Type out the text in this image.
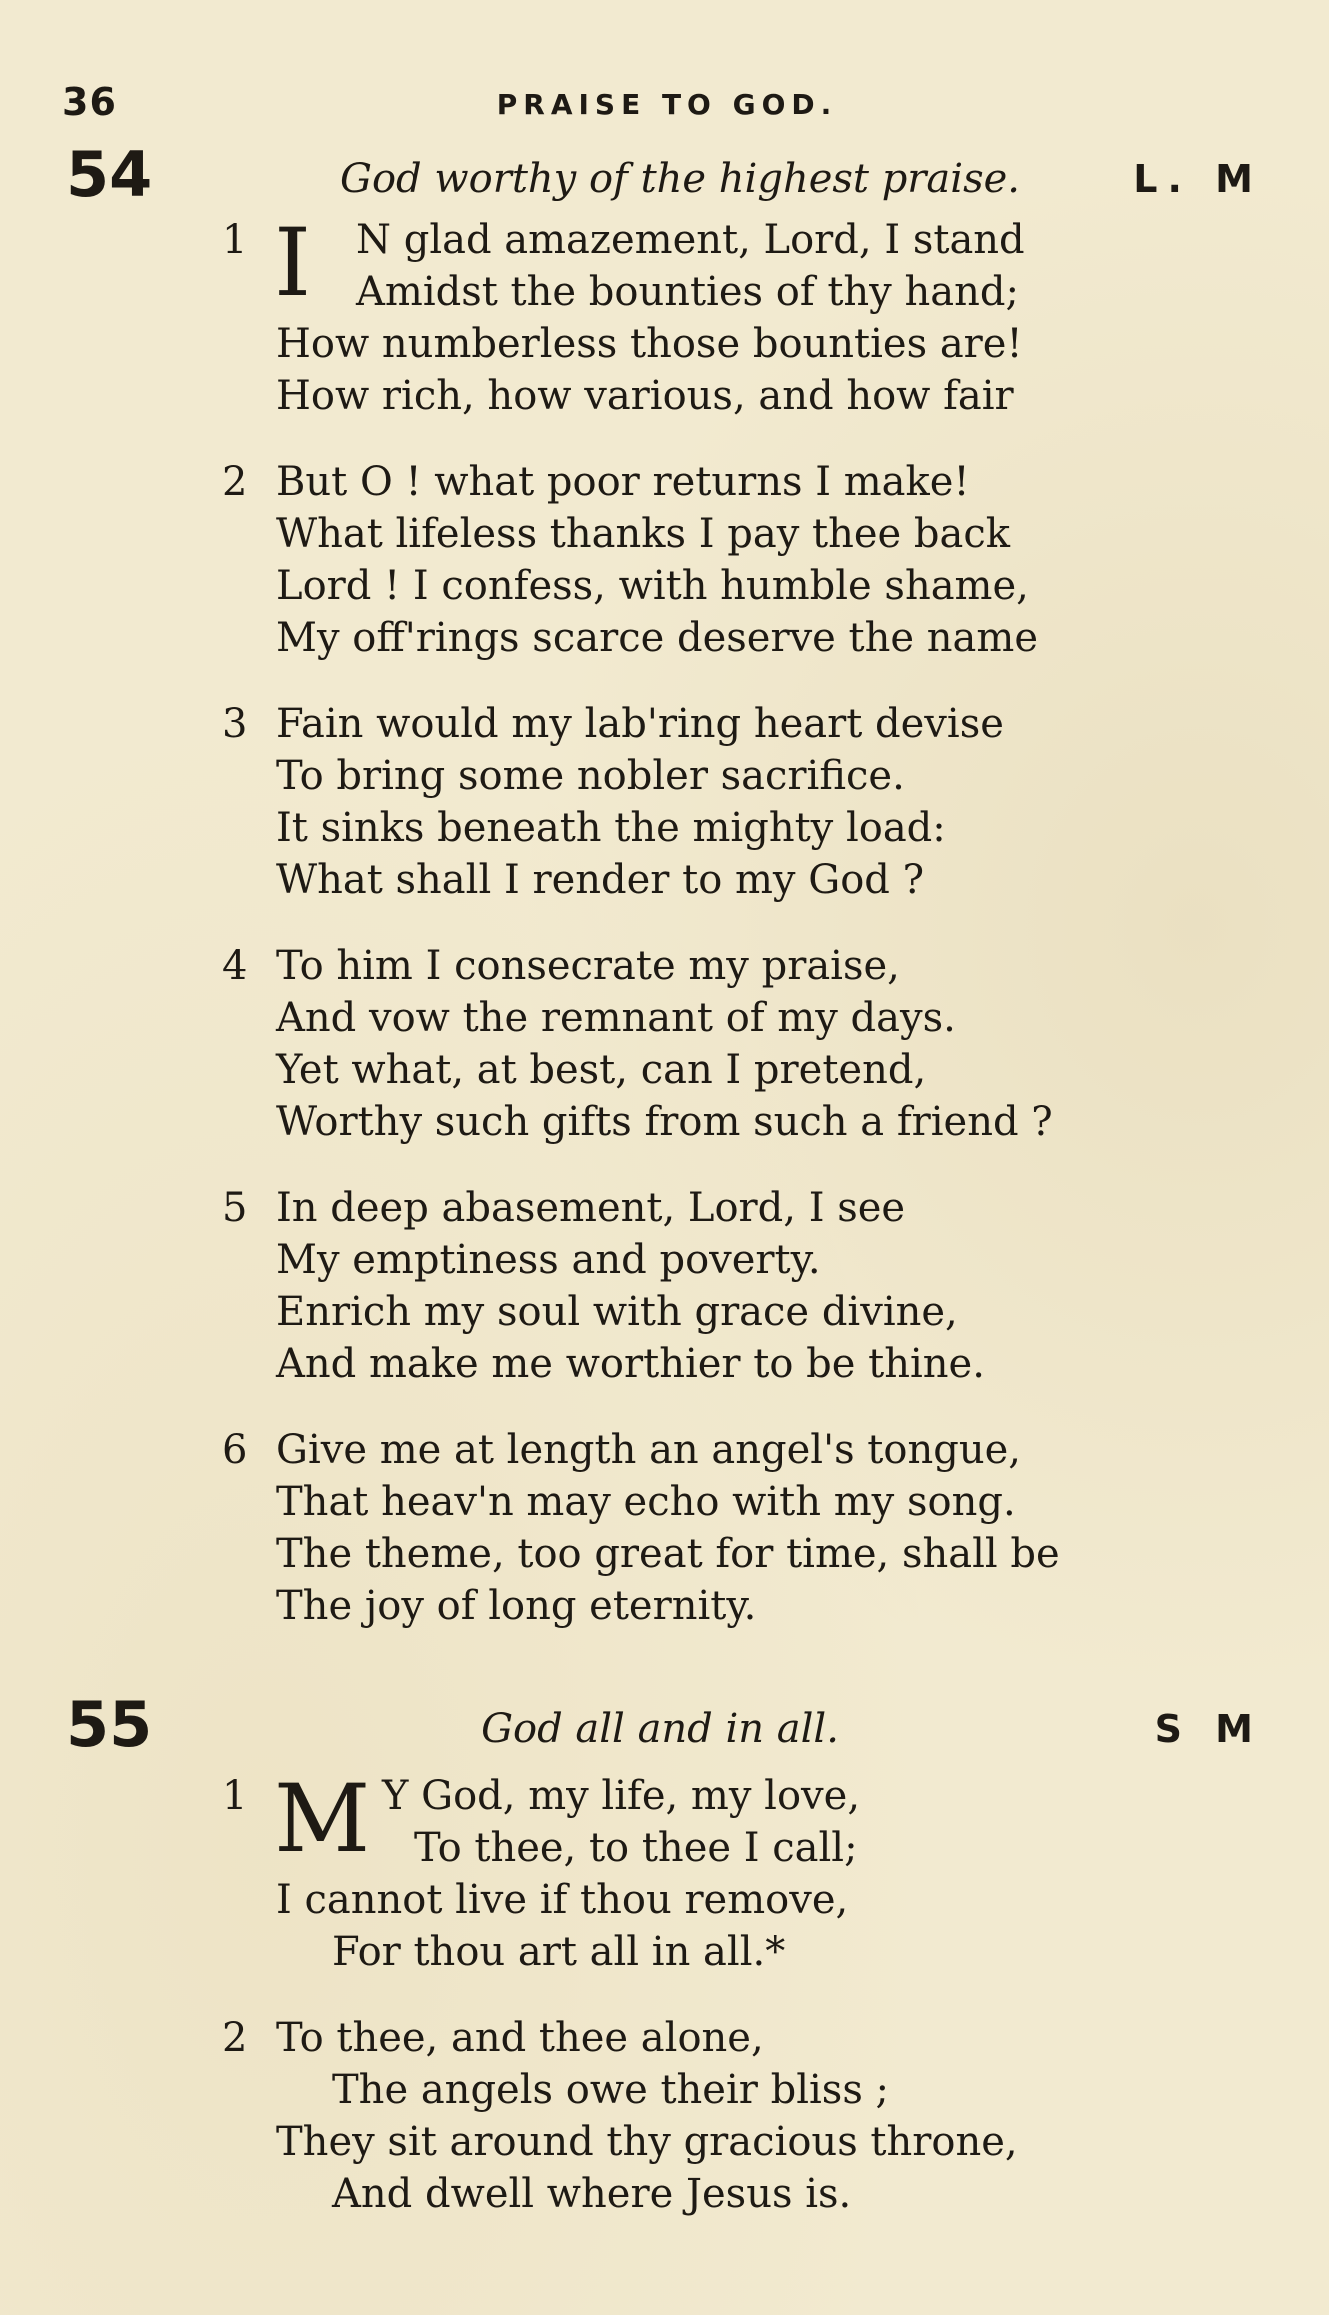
36	PRAISE TO GOD.
54	God worthy of the highest praise.	L. M
1 I N glad amazement, Lord, I stand
Amidst the bounties of thy hand;
How numberless those bounties are!
How rich, how various, and how fair
2 But O ! what poor returns I make!
What lifeless thanks I pay thee back
Lord ! I confess, with humble shame,
My off'rings scarce deserve the name
3 Fain would my lab'ring heart devise
To bring some nobler sacrifice.
It sinks beneath the mighty load:
What shall I render to my God ?
4 To him I consecrate my praise,
And vow the remnant of my days.
Yet what, at best, can I pretend,
Worthy such gifts from such a friend ?
5 In deep abasement, Lord, I see
My emptiness and poverty.
Enrich my soul with grace divine,
And make me worthier to be thine.
6 Give me at length an angel's tongue,
That heav'n may echo with my song.
The theme, too great for time, shall be
The joy of long eternity.
55	God all and in all.	S M
1 M Y God, my life, my love,
To thee, to thee I call;
I cannot live if thou remove,
For thou art all in all.*
2 To thee, and thee alone,
The angels owe their bliss ;
They sit around thy gracious throne,
And dwell where Jesus is.
